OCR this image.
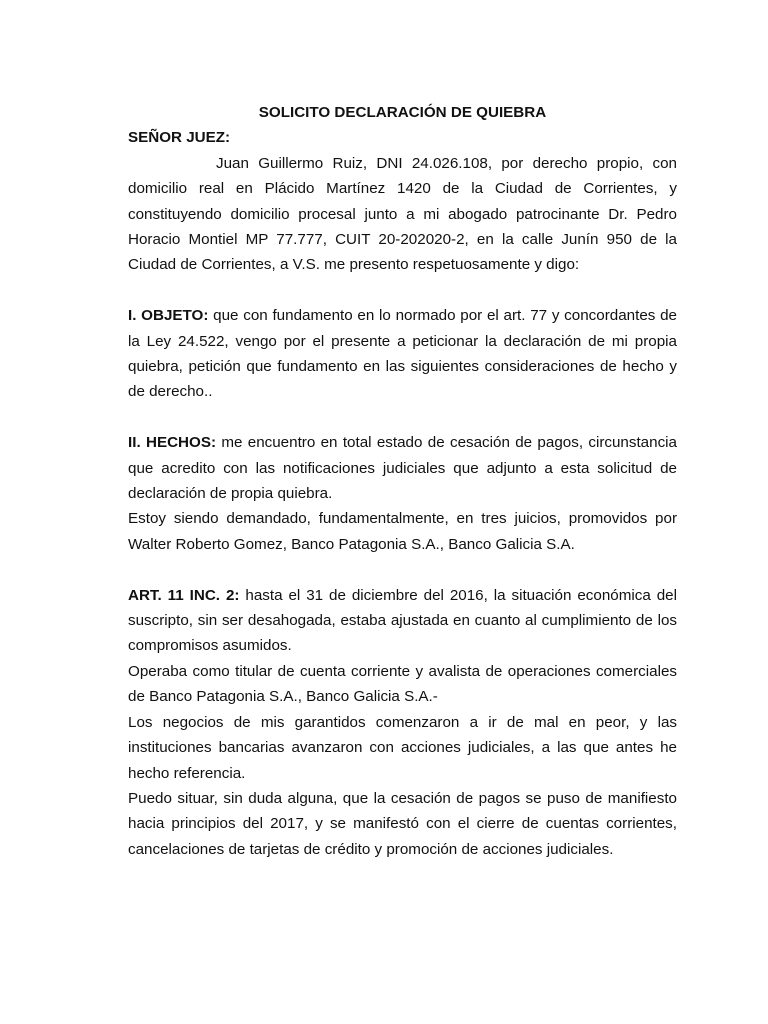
SOLICITO DECLARACIÓN DE QUIEBRA

SEÑOR JUEZ:

Juan Guillermo Ruiz, DNI 24.026.108, por derecho propio, con domicilio real en Plácido Martínez 1420 de la Ciudad de Corrientes, y constituyendo domicilio procesal junto a mi abogado patrocinante Dr. Pedro Horacio Montiel MP 77.777, CUIT 20-202020-2, en la calle Junín 950 de la Ciudad de Corrientes, a V.S. me presento respetuosamente y digo:

I. OBJETO: que con fundamento en lo normado por el art. 77 y concordantes de la Ley 24.522, vengo por el presente a peticionar la declaración de mi propia quiebra, petición que fundamento en las siguientes consideraciones de hecho y de derecho..

II. HECHOS: me encuentro en total estado de cesación de pagos, circunstancia que acredito con las notificaciones judiciales que adjunto a esta solicitud de declaración de propia quiebra.

Estoy siendo demandado, fundamentalmente, en tres juicios, promovidos por Walter Roberto Gomez, Banco Patagonia S.A., Banco Galicia S.A.

ART. 11 INC. 2: hasta el 31 de diciembre del 2016, la situación económica del suscripto, sin ser desahogada, estaba ajustada en cuanto al cumplimiento de los compromisos asumidos.

Operaba como titular de cuenta corriente y avalista de operaciones comerciales de Banco Patagonia S.A., Banco Galicia S.A.-

Los negocios de mis garantidos comenzaron a ir de mal en peor, y las instituciones bancarias avanzaron con acciones judiciales, a las que antes he hecho referencia.

Puedo situar, sin duda alguna, que la cesación de pagos se puso de manifiesto hacia principios del 2017, y se manifestó con el cierre de cuentas corrientes, cancelaciones de tarjetas de crédito y promoción de acciones judiciales.
